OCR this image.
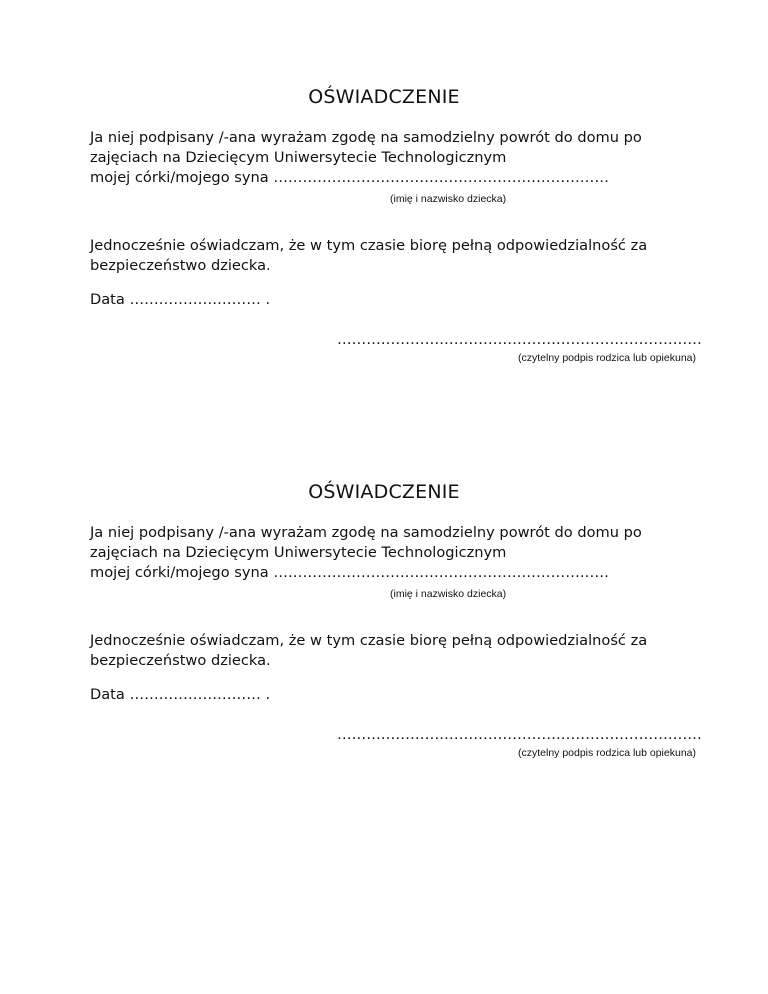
OŚWIADCZENIE

Ja niej podpisany /-ana wyrażam zgodę na samodzielny powrót do domu po

zajęciach na Dziecięcym Uniwersytecie Technologicznym

mojej córki/mojego syna ……………………………………………………………

(imię i nazwisko dziecka)

Jednocześnie oświadczam, że w tym czasie biorę pełną odpowiedzialność za

bezpieczeństwo dziecka.

Data ……………………… .

…………………………………………………………………
(czytelny podpis rodzica lub opiekuna)
OŚWIADCZENIE

Ja niej podpisany /-ana wyrażam zgodę na samodzielny powrót do domu po

zajęciach na Dziecięcym Uniwersytecie Technologicznym

mojej córki/mojego syna ……………………………………………………………

(imię i nazwisko dziecka)

Jednocześnie oświadczam, że w tym czasie biorę pełną odpowiedzialność za

bezpieczeństwo dziecka.

Data ……………………… .

…………………………………………………………………
(czytelny podpis rodzica lub opiekuna)
